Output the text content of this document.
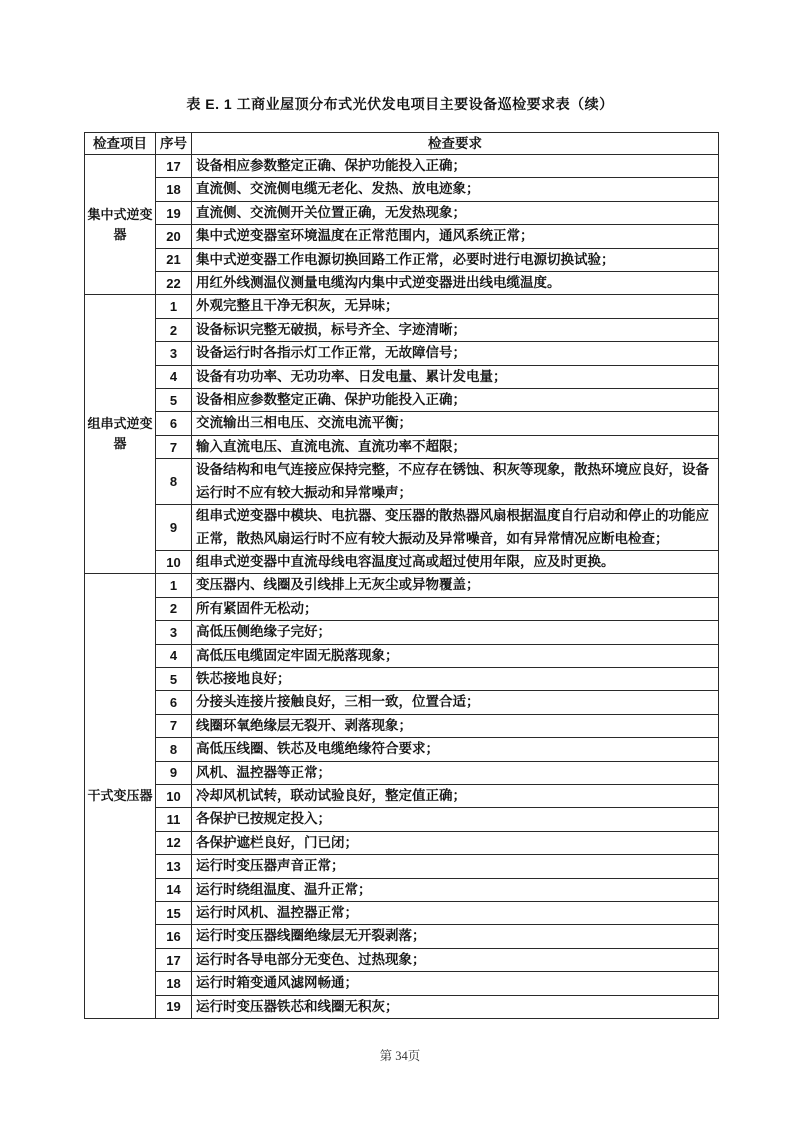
表 E. 1 工商业屋顶分布式光伏发电项目主要设备巡检要求表（续）
检查项目	序号	检查要求
集中式逆变器	17	设备相应参数整定正确、保护功能投入正确；
	18	直流侧、交流侧电缆无老化、发热、放电迹象；
	19	直流侧、交流侧开关位置正确，无发热现象；
	20	集中式逆变器室环境温度在正常范围内，通风系统正常；
	21	集中式逆变器工作电源切换回路工作正常，必要时进行电源切换试验；
	22	用红外线测温仪测量电缆沟内集中式逆变器进出线电缆温度。
组串式逆变器	1	外观完整且干净无积灰，无异味；
	2	设备标识完整无破损，标号齐全、字迹清晰；
	3	设备运行时各指示灯工作正常，无故障信号；
	4	设备有功功率、无功功率、日发电量、累计发电量；
	5	设备相应参数整定正确、保护功能投入正确；
	6	交流输出三相电压、交流电流平衡；
	7	输入直流电压、直流电流、直流功率不超限；
	8	设备结构和电气连接应保持完整，不应存在锈蚀、积灰等现象，散热环境应良好，设备运行时不应有较大振动和异常噪声；
	9	组串式逆变器中模块、电抗器、变压器的散热器风扇根据温度自行启动和停止的功能应正常，散热风扇运行时不应有较大振动及异常噪音，如有异常情况应断电检查；
	10	组串式逆变器中直流母线电容温度过高或超过使用年限，应及时更换。
干式变压器	1	变压器内、线圈及引线排上无灰尘或异物覆盖；
	2	所有紧固件无松动；
	3	高低压侧绝缘子完好；
	4	高低压电缆固定牢固无脱落现象；
	5	铁芯接地良好；
	6	分接头连接片接触良好，三相一致，位置合适；
	7	线圈环氧绝缘层无裂开、剥落现象；
	8	高低压线圈、铁芯及电缆绝缘符合要求；
	9	风机、温控器等正常；
	10	冷却风机试转，联动试验良好，整定值正确；
	11	各保护已按规定投入；
	12	各保护遮栏良好，门已闭；
	13	运行时变压器声音正常；
	14	运行时绕组温度、温升正常；
	15	运行时风机、温控器正常；
	16	运行时变压器线圈绝缘层无开裂剥落；
	17	运行时各导电部分无变色、过热现象；
	18	运行时箱变通风滤网畅通；
	19	运行时变压器铁芯和线圈无积灰；
第 34页
